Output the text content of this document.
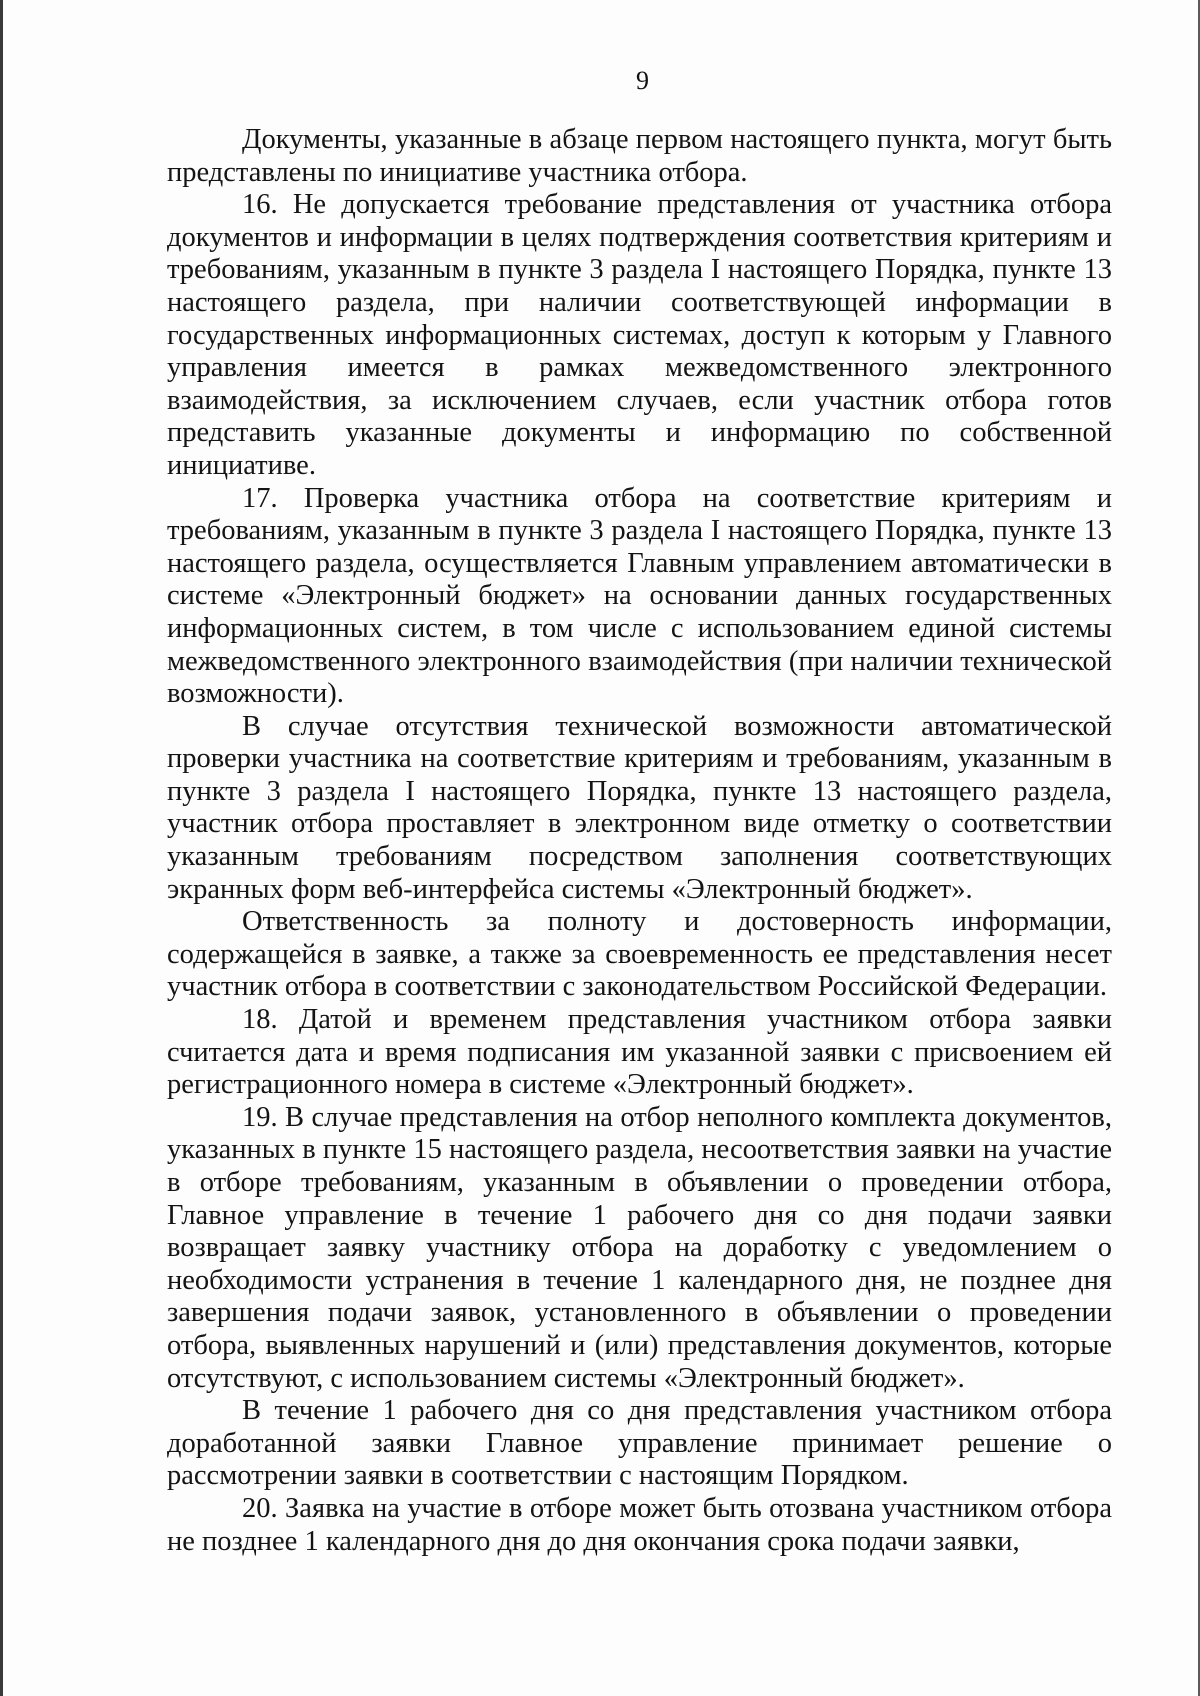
9

Документы, указанные в абзаце первом настоящего пункта, могут быть представлены по инициативе участника отбора.

16. Не допускается требование представления от участника отбора документов и информации в целях подтверждения соответствия критериям и требованиям, указанным в пункте 3 раздела I настоящего Порядка, пункте 13 настоящего раздела, при наличии соответствующей информации в государственных информационных системах, доступ к которым у Главного управления имеется в рамках межведомственного электронного взаимодействия, за исключением случаев, если участник отбора готов представить указанные документы и информацию по собственной инициативе.

17. Проверка участника отбора на соответствие критериям и требованиям, указанным в пункте 3 раздела I настоящего Порядка, пункте 13 настоящего раздела, осуществляется Главным управлением автоматически в системе «Электронный бюджет» на основании данных государственных информационных систем, в том числе с использованием единой системы межведомственного электронного взаимодействия (при наличии технической возможности).

В случае отсутствия технической возможности автоматической проверки участника на соответствие критериям и требованиям, указанным в пункте 3 раздела I настоящего Порядка, пункте 13 настоящего раздела, участник отбора проставляет в электронном виде отметку о соответствии указанным требованиям посредством заполнения соответствующих экранных форм веб-интерфейса системы «Электронный бюджет».

Ответственность за полноту и достоверность информации, содержащейся в заявке, а также за своевременность ее представления несет участник отбора в соответствии с законодательством Российской Федерации.

18. Датой и временем представления участником отбора заявки считается дата и время подписания им указанной заявки с присвоением ей регистрационного номера в системе «Электронный бюджет».

19. В случае представления на отбор неполного комплекта документов, указанных в пункте 15 настоящего раздела, несоответствия заявки на участие в отборе требованиям, указанным в объявлении о проведении отбора, Главное управление в течение 1 рабочего дня со дня подачи заявки возвращает заявку участнику отбора на доработку с уведомлением о необходимости устранения в течение 1 календарного дня, не позднее дня завершения подачи заявок, установленного в объявлении о проведении отбора, выявленных нарушений и (или) представления документов, которые отсутствуют, с использованием системы «Электронный бюджет».

В течение 1 рабочего дня со дня представления участником отбора доработанной заявки Главное управление принимает решение о рассмотрении заявки в соответствии с настоящим Порядком.

20. Заявка на участие в отборе может быть отозвана участником отбора не позднее 1 календарного дня до дня окончания срока подачи заявки,
